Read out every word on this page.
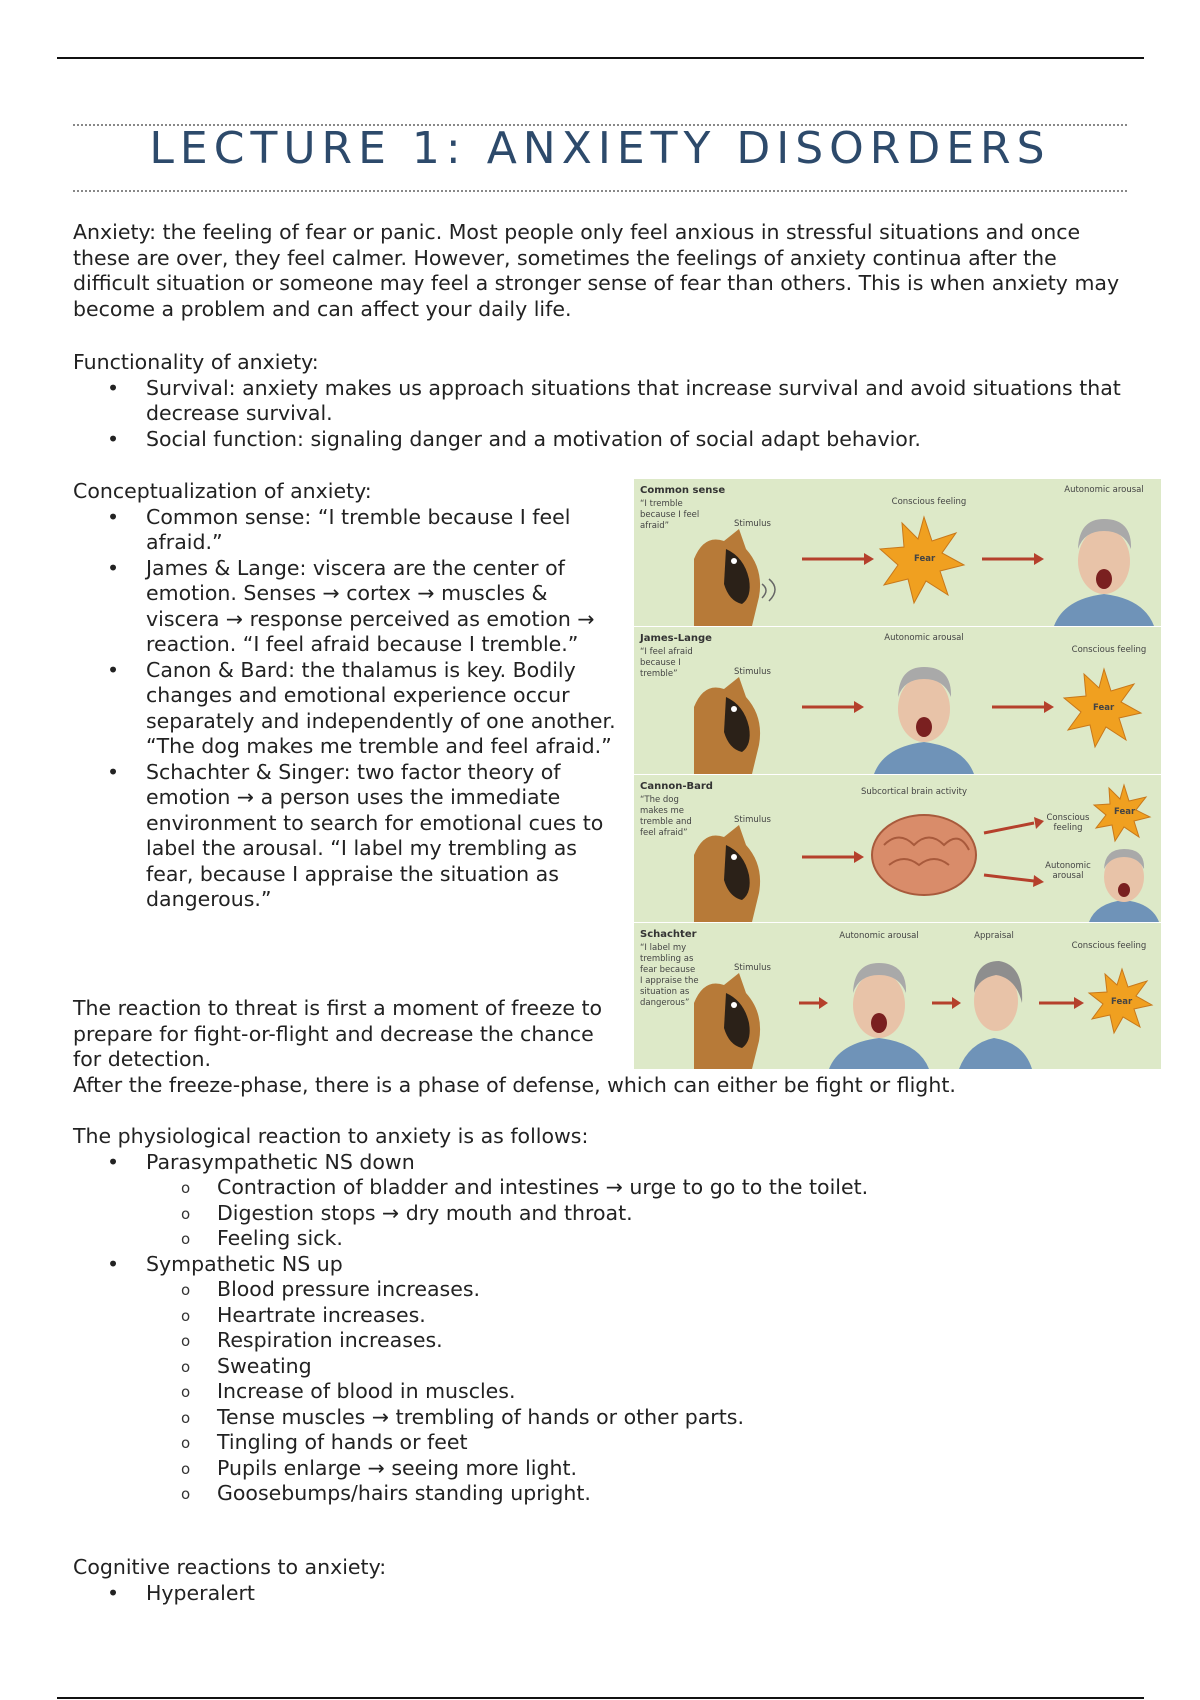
LECTURE 1: ANXIETY DISORDERS

Anxiety: the feeling of fear or panic. Most people only feel anxious in stressful situations and once these are over, they feel calmer. However, sometimes the feelings of anxiety continua after the difficult situation or someone may feel a stronger sense of fear than others. This is when anxiety may become a problem and can affect your daily life.

Functionality of anxiety:
• Survival: anxiety makes us approach situations that increase survival and avoid situations that decrease survival.
• Social function: signaling danger and a motivation of social adapt behavior.
Conceptualization of anxiety:
• Common sense: “I tremble because I feel afraid.”
• James & Lange: viscera are the center of emotion. Senses → cortex → muscles & viscera → response perceived as emotion → reaction. “I feel afraid because I tremble.”
• Canon & Bard: the thalamus is key. Bodily changes and emotional experience occur separately and independently of one another. “The dog makes me tremble and feel afraid.”
• Schachter & Singer: two factor theory of emotion → a person uses the immediate environment to search for emotional cues to label the arousal. “I label my trembling as fear, because I appraise the situation as dangerous.”

The reaction to threat is first a moment of freeze to prepare for fight-or-flight and decrease the chance for detection.

After the freeze-phase, there is a phase of defense, which can either be fight or flight.

The physiological reaction to anxiety is as follows:
• Parasympathetic NS down
o Contraction of bladder and intestines → urge to go to the toilet.
o Digestion stops → dry mouth and throat.
o Feeling sick.
• Sympathetic NS up
o Blood pressure increases.
o Heartrate increases.
o Respiration increases.
o Sweating
o Increase of blood in muscles.
o Tense muscles → trembling of hands or other parts.
o Tingling of hands or feet
o Pupils enlarge → seeing more light.
o Goosebumps/hairs standing upright.
Cognitive reactions to anxiety:
• Hyperalert
Common sense
“I tremble because I feel afraid”	Stimulus
Conscious feeling
Autonomic arousal
Fear
James-Lange
“I feel afraid because I tremble”	Stimulus
Autonomic arousal
Conscious feeling
Fear
Cannon-Bard
“The dog makes me tremble and feel afraid”
Stimulus
Subcortical brain activity
Conscious feeling
Autonomic arousal
Fear
Schachter
“I label my trembling as fear because I appraise the situation as dangerous”
Stimulus
Autonomic arousal	Appraisal
Conscious feeling
Fear
